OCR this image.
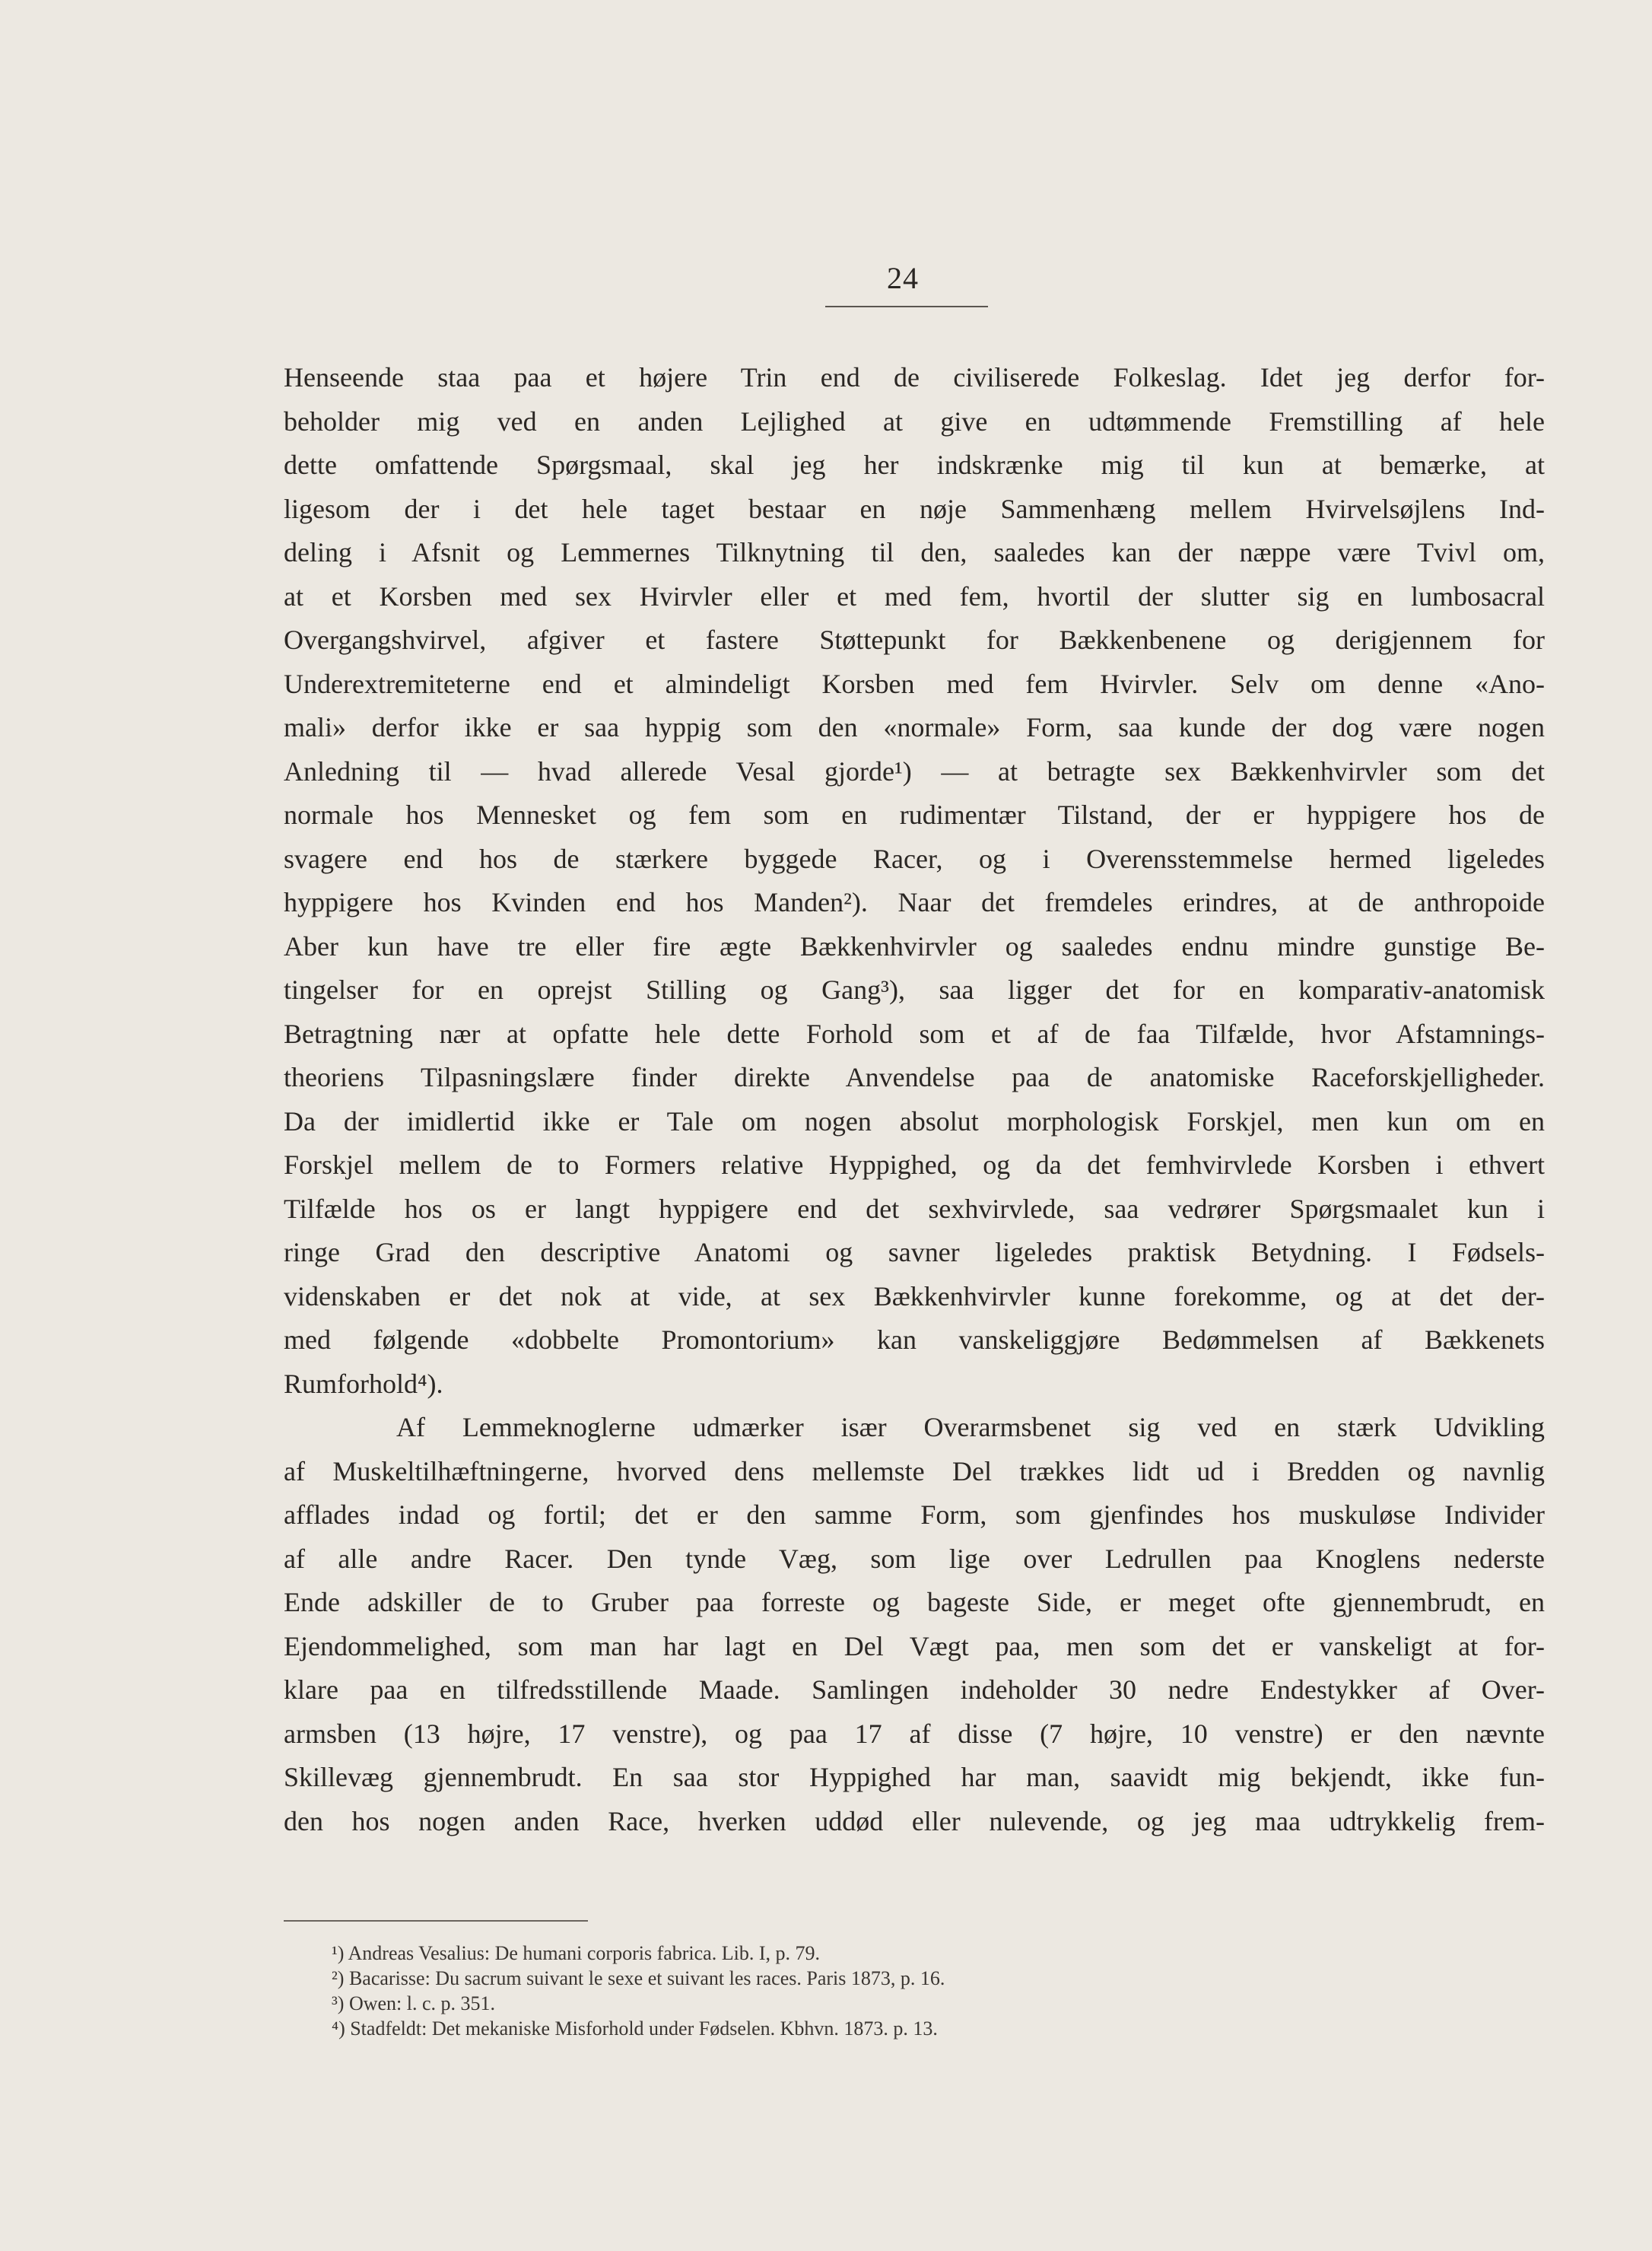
24
Henseende staa paa et højere Trin end de civiliserede Folkeslag. Idet jeg derfor for-
beholder mig ved en anden Lejlighed at give en udtømmende Fremstilling af hele
dette omfattende Spørgsmaal, skal jeg her indskrænke mig til kun at bemærke, at
ligesom der i det hele taget bestaar en nøje Sammenhæng mellem Hvirvelsøjlens Ind-
deling i Afsnit og Lemmernes Tilknytning til den, saaledes kan der næppe være Tvivl om,
at et Korsben med sex Hvirvler eller et med fem, hvortil der slutter sig en lumbosacral
Overgangshvirvel, afgiver et fastere Støttepunkt for Bækkenbenene og derigjennem for
Underextremiteterne end et almindeligt Korsben med fem Hvirvler. Selv om denne «Ano-
mali» derfor ikke er saa hyppig som den «normale» Form, saa kunde der dog være nogen
Anledning til — hvad allerede Vesal gjorde¹) — at betragte sex Bækkenhvirvler som det
normale hos Mennesket og fem som en rudimentær Tilstand, der er hyppigere hos de
svagere end hos de stærkere byggede Racer, og i Overensstemmelse hermed ligeledes
hyppigere hos Kvinden end hos Manden²). Naar det fremdeles erindres, at de anthropoide
Aber kun have tre eller fire ægte Bækkenhvirvler og saaledes endnu mindre gunstige Be-
tingelser for en oprejst Stilling og Gang³), saa ligger det for en komparativ-anatomisk
Betragtning nær at opfatte hele dette Forhold som et af de faa Tilfælde, hvor Afstamnings-
theoriens Tilpasningslære finder direkte Anvendelse paa de anatomiske Raceforskjelligheder.
Da der imidlertid ikke er Tale om nogen absolut morphologisk Forskjel, men kun om en
Forskjel mellem de to Formers relative Hyppighed, og da det femhvirvlede Korsben i ethvert
Tilfælde hos os er langt hyppigere end det sexhvirvlede, saa vedrører Spørgsmaalet kun i
ringe Grad den descriptive Anatomi og savner ligeledes praktisk Betydning. I Fødsels-
videnskaben er det nok at vide, at sex Bækkenhvirvler kunne forekomme, og at det der-
med følgende «dobbelte Promontorium» kan vanskeliggjøre Bedømmelsen af Bækkenets
Rumforhold⁴).
Af Lemmeknoglerne udmærker især Overarmsbenet sig ved en stærk Udvikling
af Muskeltilhæftningerne, hvorved dens mellemste Del trækkes lidt ud i Bredden og navnlig
afflades indad og fortil; det er den samme Form, som gjenfindes hos muskuløse Individer
af alle andre Racer. Den tynde Væg, som lige over Ledrullen paa Knoglens nederste
Ende adskiller de to Gruber paa forreste og bageste Side, er meget ofte gjennembrudt, en
Ejendommelighed, som man har lagt en Del Vægt paa, men som det er vanskeligt at for-
klare paa en tilfredsstillende Maade. Samlingen indeholder 30 nedre Endestykker af Over-
armsben (13 højre, 17 venstre), og paa 17 af disse (7 højre, 10 venstre) er den nævnte
Skillevæg gjennembrudt. En saa stor Hyppighed har man, saavidt mig bekjendt, ikke fun-
den hos nogen anden Race, hverken uddød eller nulevende, og jeg maa udtrykkelig frem-
¹) Andreas Vesalius: De humani corporis fabrica. Lib. I, p. 79.
²) Bacarisse: Du sacrum suivant le sexe et suivant les races. Paris 1873, p. 16.
³) Owen: l. c. p. 351.
⁴) Stadfeldt: Det mekaniske Misforhold under Fødselen. Kbhvn. 1873. p. 13.
